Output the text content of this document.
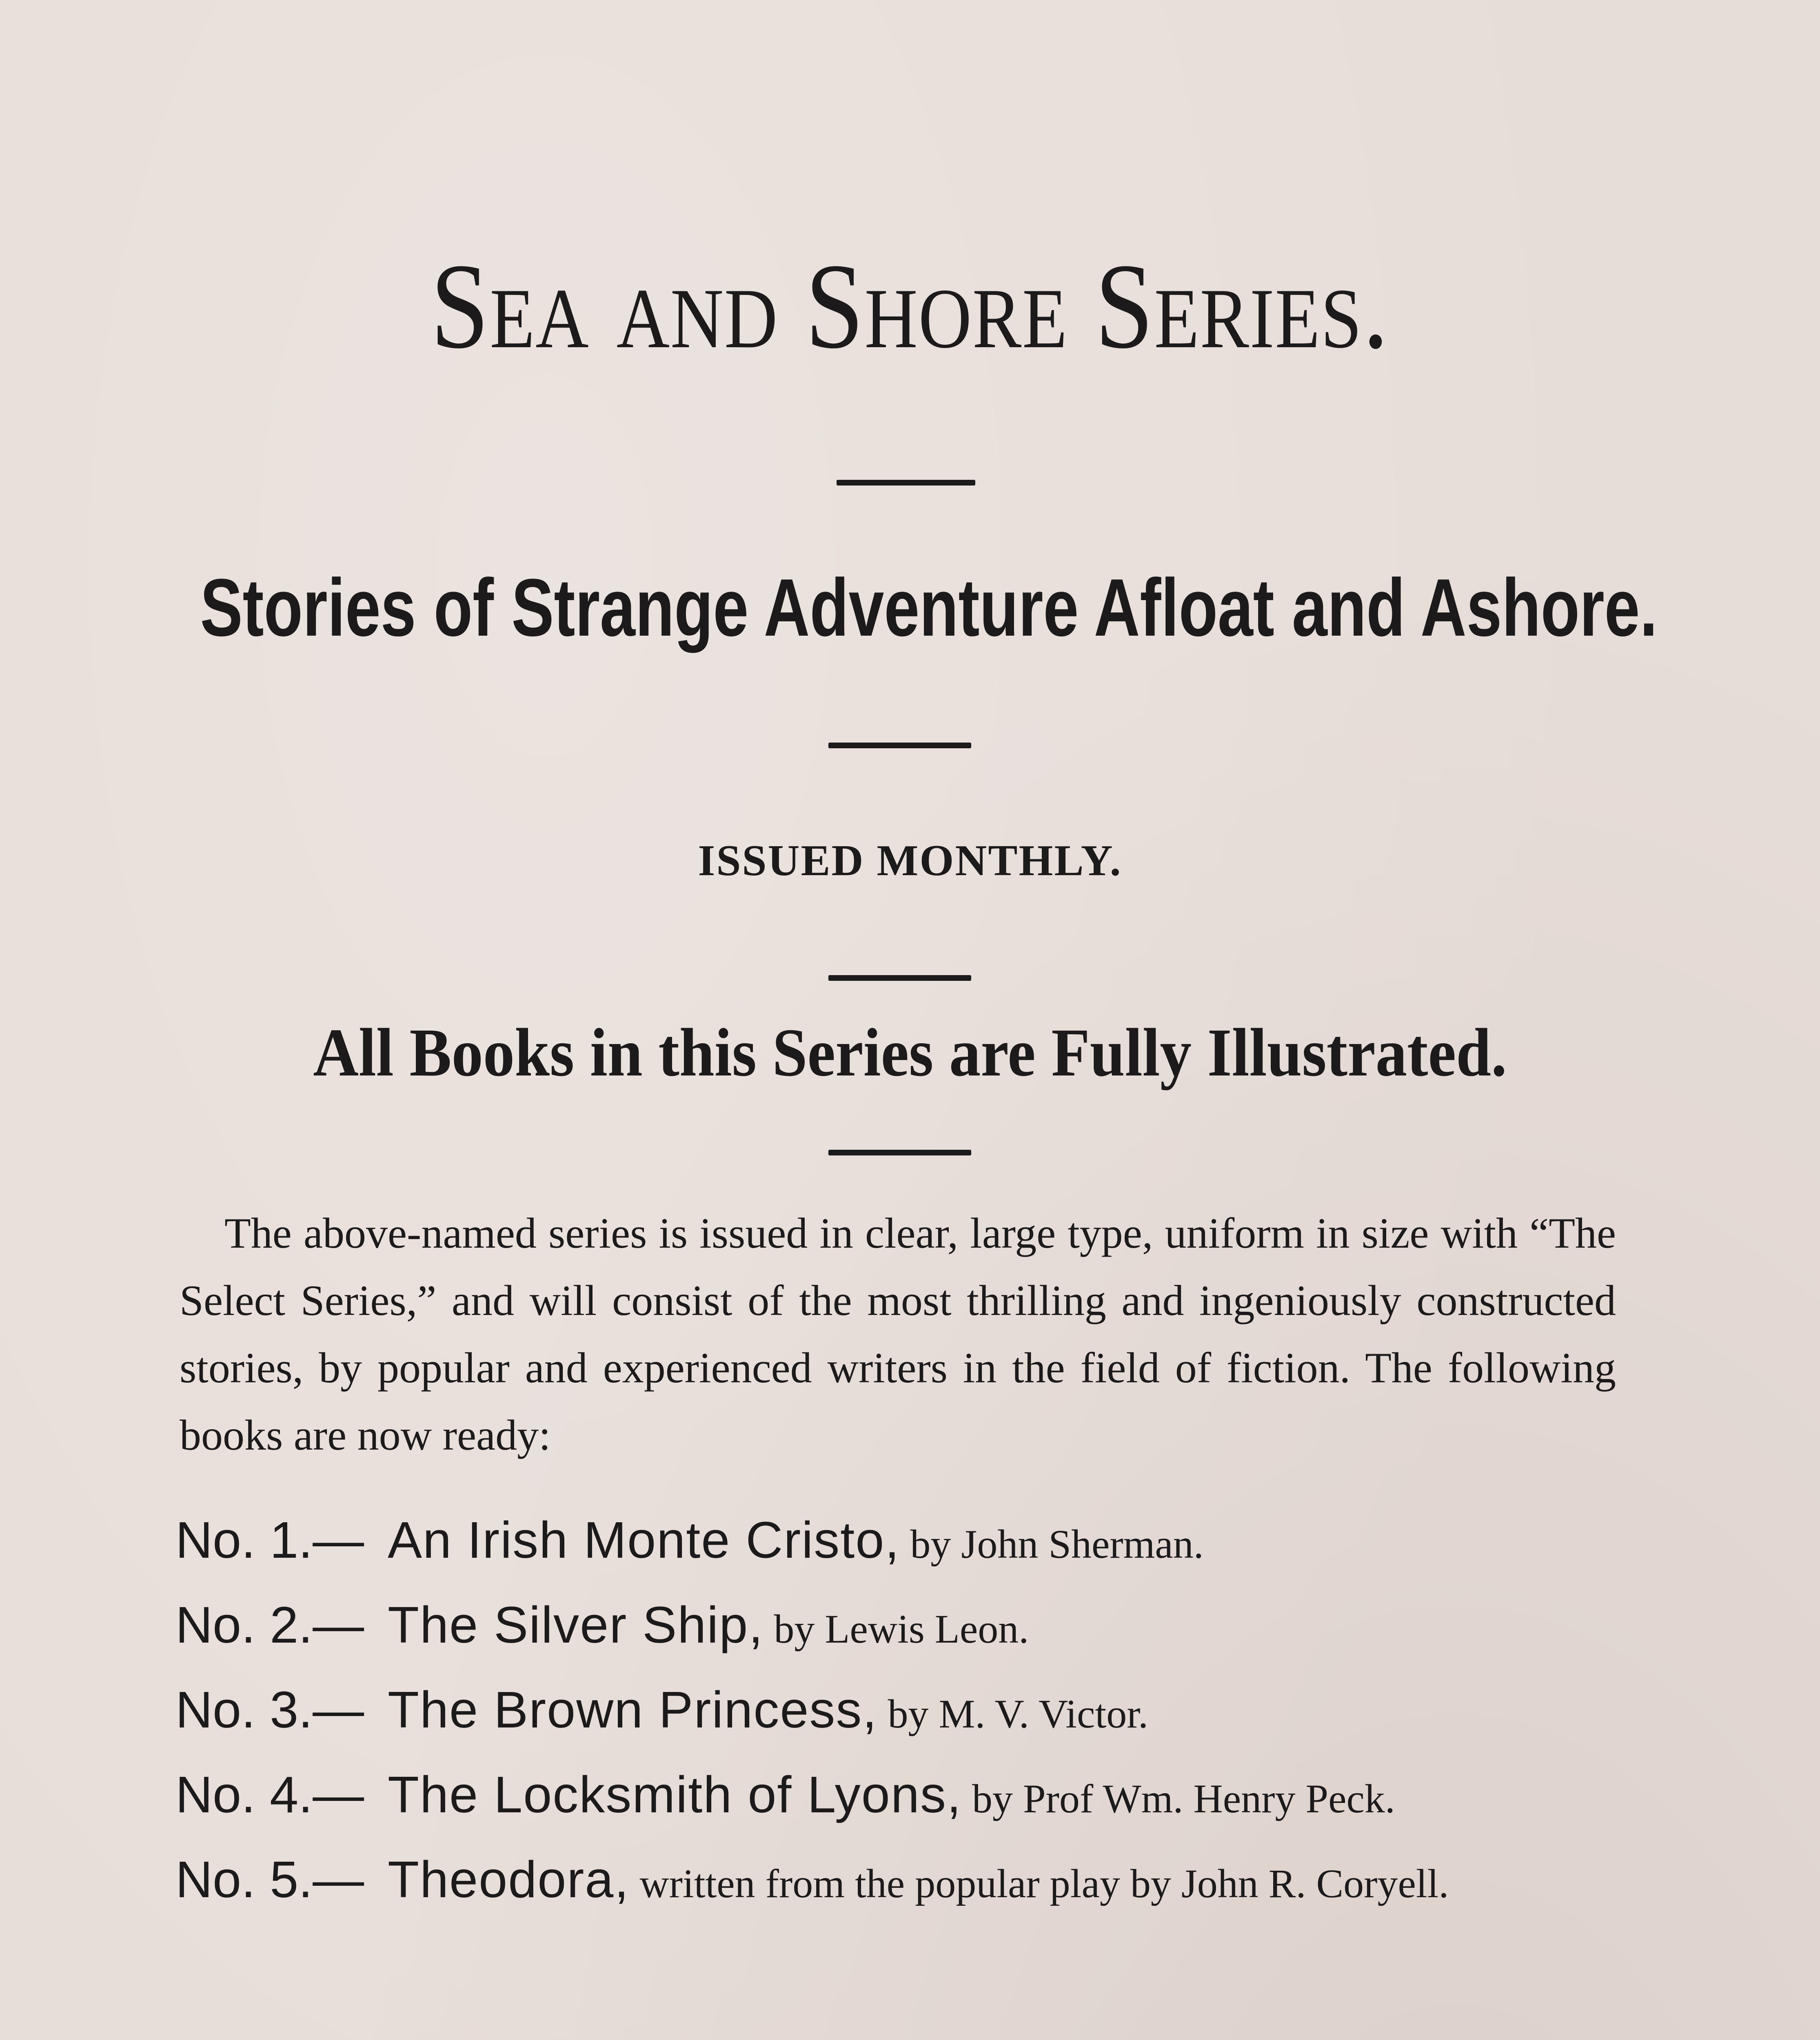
Sea and Shore Series.
Stories of Strange Adventure Afloat and Ashore.
ISSUED MONTHLY.
All Books in this Series are Fully Illustrated.
The above-named series is issued in clear, large type, uniform in size with “The Select Series,” and will consist of the most thrilling and ingeniously constructed stories, by popular and experienced writers in the field of fiction. The following books are now ready:
No. 1.— An Irish Monte Cristo, by John Sherman.
No. 2.— The Silver Ship, by Lewis Leon.
No. 3.— The Brown Princess, by M. V. Victor.
No. 4.— The Locksmith of Lyons, by Prof Wm. Henry Peck.
No. 5.— Theodora, written from the popular play by John R. Coryell.
